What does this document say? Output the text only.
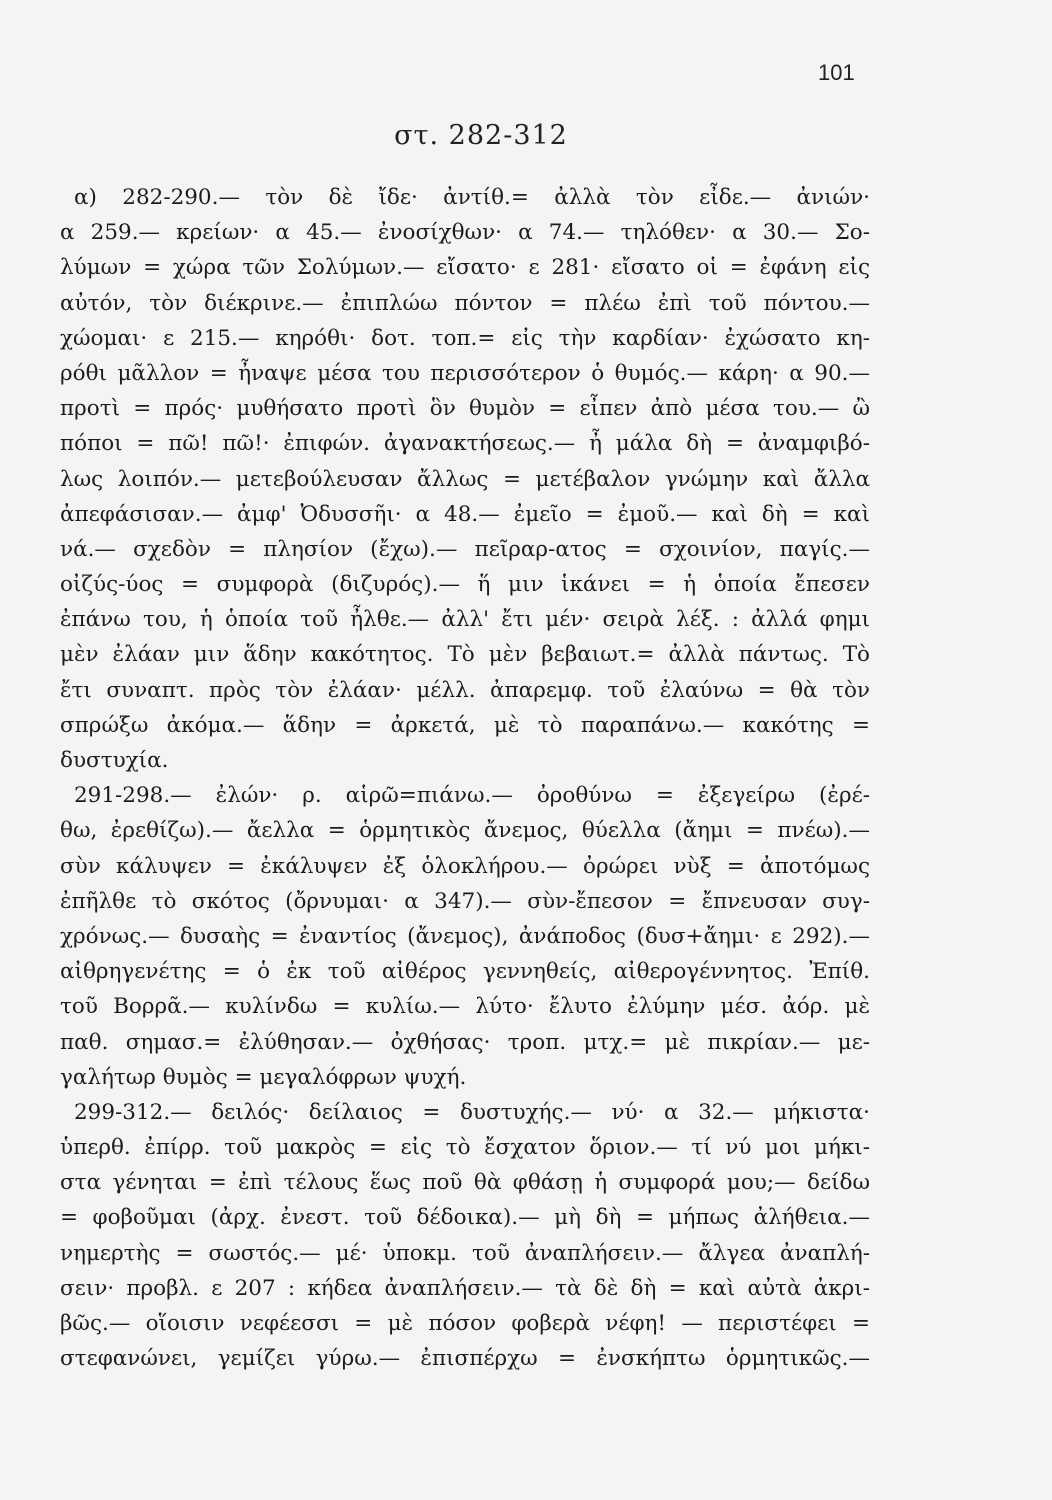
101
στ. 282-312
α) 282-290.— τὸν δὲ ἴδε· ἀντίθ.= ἀλλὰ τὸν εἶδε.— ἀνιών·
α 259.— κρείων· α 45.— ἐνοσίχθων· α 74.— τηλόθεν· α 30.— Σο-
λύμων = χώρα τῶν Σολύμων.— εἴσατο· ε 281· εἴσατο οἱ = ἐφάνη εἰς
αὐτόν, τὸν διέκρινε.— ἐπιπλώω πόντον = πλέω ἐπὶ τοῦ πόντου.—
χώομαι· ε 215.— κηρόθι· δοτ. τοπ.= εἰς τὴν καρδίαν· ἐχώσατο κη-
ρόθι μᾶλλον = ἦναψε μέσα του περισσότερον ὁ θυμός.— κάρη· α 90.—
προτὶ = πρός· μυθήσατο προτὶ ὃν θυμὸν = εἶπεν ἀπὸ μέσα του.— ὢ
πόποι = πῶ! πῶ!· ἐπιφών. ἀγανακτήσεως.— ἦ μάλα δὴ = ἀναμφιβό-
λως λοιπόν.— μετεβούλευσαν ἄλλως = μετέβαλον γνώμην καὶ ἄλλα
ἀπεφάσισαν.— ἀμφ' Ὀδυσσῆι· α 48.— ἐμεῖο = ἐμοῦ.— καὶ δὴ = καὶ
νά.— σχεδὸν = πλησίον (ἔχω).— πεῖραρ-ατος = σχοινίον, παγίς.—
οἰζύς-ύος = συμφορὰ (διζυρός).— ἥ μιν ἱκάνει = ἡ ὁποία ἔπεσεν
ἐπάνω του, ἡ ὁποία τοῦ ἦλθε.— ἀλλ' ἔτι μέν· σειρὰ λέξ. : ἀλλά φημι
μὲν ἐλάαν μιν ἅδην κακότητος. Τὸ μὲν βεβαιωτ.= ἀλλὰ πάντως. Τὸ
ἔτι συναπτ. πρὸς τὸν ἐλάαν· μέλλ. ἀπαρεμφ. τοῦ ἐλαύνω = θὰ τὸν
σπρώξω ἀκόμα.— ἅδην = ἀρκετά, μὲ τὸ παραπάνω.— κακότης =
δυστυχία.
291-298.— ἐλών· ρ. αἱρῶ=πιάνω.— ὀροθύνω = ἐξεγείρω (ἐρέ-
θω, ἐρεθίζω).— ἄελλα = ὁρμητικὸς ἄνεμος, θύελλα (ἄημι = πνέω).—
σὺν κάλυψεν = ἐκάλυψεν ἐξ ὁλοκλήρου.— ὀρώρει νὺξ = ἀποτόμως
ἐπῆλθε τὸ σκότος (ὄρνυμαι· α 347).— σὺν-ἔπεσον = ἔπνευσαν συγ-
χρόνως.— δυσαὴς = ἐναντίος (ἄνεμος), ἀνάποδος (δυσ+ἄημι· ε 292).—
αἰθρηγενέτης = ὁ ἐκ τοῦ αἰθέρος γεννηθείς, αἰθερογέννητος. Ἐπίθ.
τοῦ Βορρᾶ.— κυλίνδω = κυλίω.— λύτο· ἔλυτο ἐλύμην μέσ. ἀόρ. μὲ
παθ. σημασ.= ἐλύθησαν.— ὀχθήσας· τροπ. μτχ.= μὲ πικρίαν.— με-
γαλήτωρ θυμὸς = μεγαλόφρων ψυχή.
299-312.— δειλός· δείλαιος = δυστυχής.— νύ· α 32.— μήκιστα·
ὑπερθ. ἐπίρρ. τοῦ μακρὸς = εἰς τὸ ἔσχατον ὅριον.— τί νύ μοι μήκι-
στα γένηται = ἐπὶ τέλους ἕως ποῦ θὰ φθάσῃ ἡ συμφορά μου;— δείδω
= φοβοῦμαι (ἀρχ. ἐνεστ. τοῦ δέδοικα).— μὴ δὴ = μήπως ἀλήθεια.—
νημερτὴς = σωστός.— μέ· ὑποκμ. τοῦ ἀναπλήσειν.— ἄλγεα ἀναπλή-
σειν· προβλ. ε 207 : κήδεα ἀναπλήσειν.— τὰ δὲ δὴ = καὶ αὐτὰ ἀκρι-
βῶς.— οἵοισιν νεφέεσσι = μὲ πόσον φοβερὰ νέφη! — περιστέφει =
στεφανώνει, γεμίζει γύρω.— ἐπισπέρχω = ἐνσκήπτω ὁρμητικῶς.—
